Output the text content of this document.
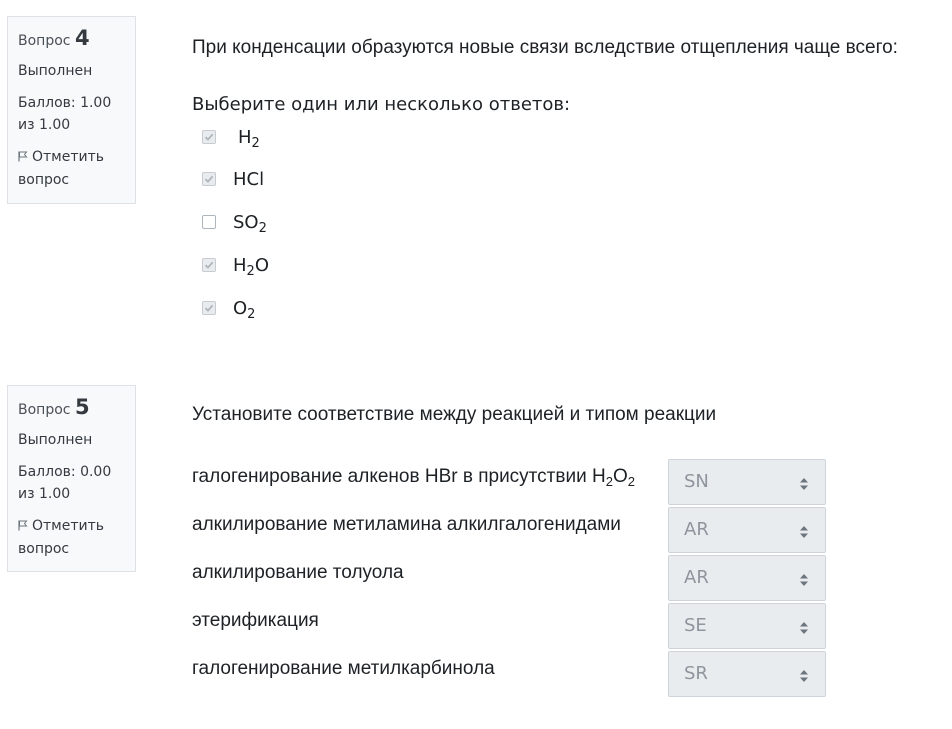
Вопрос 4
Выполнен
Баллов: 1.00 из 1.00
Отметить вопрос
При конденсации образуются новые связи вследствие отщепления чаще всего:
Выберите один или несколько ответов:
$H_2$
HCl
$SO_2$
$H_2O$
$O_2$
Вопрос 5
Выполнен
Баллов: 0.00 из 1.00
Отметить вопрос
Установите соответствие между реакцией и типом реакции
галогенирование алкенов HBr в присутствии $H_2O_2$	SN
алкилирование метиламина алкилгалогенидами	AR
алкилирование толуола	AR
этерификация	SE
галогенирование метилкарбинола	SR
